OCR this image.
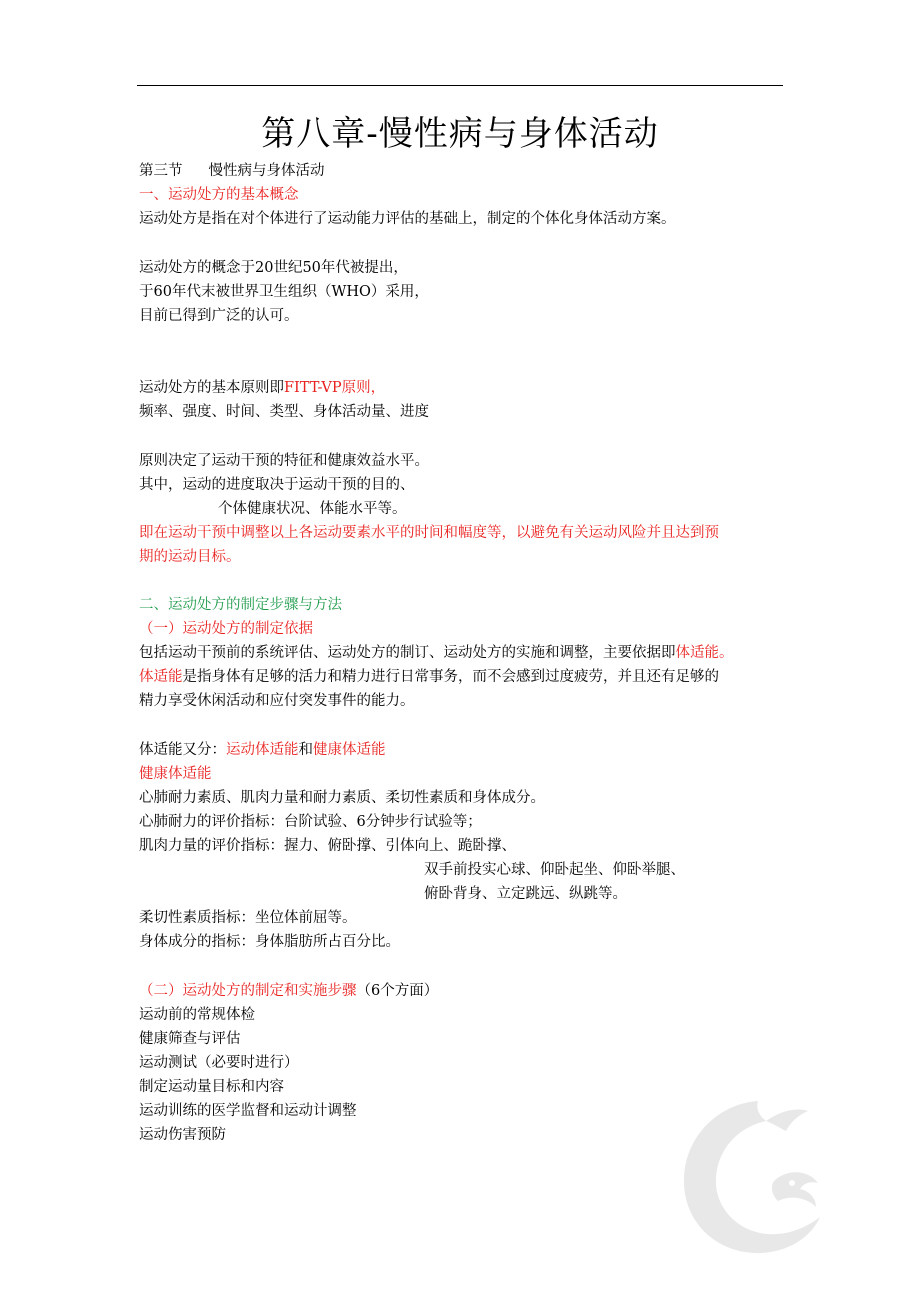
第八章-慢性病与身体活动
第三节 慢性病与身体活动
一、运动处方的基本概念
运动处方是指在对个体进行了运动能力评估的基础上，制定的个体化身体活动方案。
运动处方的概念于20世纪50年代被提出，
于60年代末被世界卫生组织（WHO）采用，
目前已得到广泛的认可。
运动处方的基本原则即FITT-VP原则，
频率、强度、时间、类型、身体活动量、进度
原则决定了运动干预的特征和健康效益水平。
其中，运动的进度取决于运动干预的目的、
个体健康状况、体能水平等。
即在运动干预中调整以上各运动要素水平的时间和幅度等，以避免有关运动风险并且达到预
期的运动目标。
二、运动处方的制定步骤与方法
（一）运动处方的制定依据
包括运动干预前的系统评估、运动处方的制订、运动处方的实施和调整，主要依据即体适能。
体适能是指身体有足够的活力和精力进行日常事务，而不会感到过度疲劳，并且还有足够的
精力享受休闲活动和应付突发事件的能力。
体适能又分：运动体适能和健康体适能
健康体适能
心肺耐力素质、肌肉力量和耐力素质、柔切性素质和身体成分。
心肺耐力的评价指标：台阶试验、6分钟步行试验等；
肌肉力量的评价指标：握力、俯卧撑、引体向上、跪卧撑、
双手前投实心球、仰卧起坐、仰卧举腿、
俯卧背身、立定跳远、纵跳等。
柔切性素质指标：坐位体前屈等。
身体成分的指标：身体脂肪所占百分比。
（二）运动处方的制定和实施步骤（6个方面）
运动前的常规体检
健康筛查与评估
运动测试（必要时进行）
制定运动量目标和内容
运动训练的医学监督和运动计调整
运动伤害预防
